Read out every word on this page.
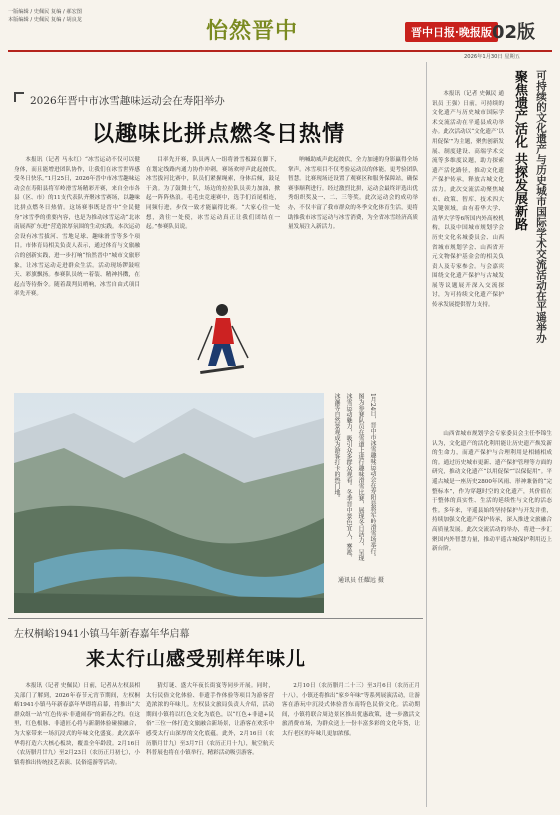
一版编辑 / 史佩民 复编 / 郝宏图
本版编辑 / 史佩民 复编 / 胡良龙	怡然晋中	晋中日报·晚报版 02版
2026年1月30日 星期五
2026年晋中市冰雪趣味运动会在寿阳举办
以趣味比拼点燃冬日热情

本报讯（记者 马永红）“冰雪运动不仅可以健身体，而且能增进团队协作，让我们在冰雪世界感受冬日快乐。”1月25日，2026年晋中市冰雪趣味运动会在寿阳县将军岭滑雪场精彩开赛，来自全市各县（区、市）的11支代表队齐聚冰雪赛场，以趣味比拼点燃冬日热情。这场赛事既是晋中“全民健身”冰雪季的重要内容，也是为推动冰雪运动“北冰南展西扩东进”营造浓厚氛围的生动实践。本次运动会设有冰雪拔河、雪地足球、趣味滑雪等多个项目。市体育局相关负责人表示，通过体育与文旅融合的创新实践，进一步打响“怡然晋中”城市文旅形象，让冰雪运动走进群众生活。活动现场锣鼓喧天、彩旗飘扬。参赛队员统一着装、精神抖擞，在起点等待指令。随着裁判员哨响，冰雪自由式项目率先开赛。

目率先开赛，队员两人一组将滑雪板踩在脚下，在划定线路内通力协作冲刺，赛场欢呼声此起彼伏。冰雪拔河比赛中，队员们紧握绳索，身体后倾，鼓足干劲。为了鼓舞士气，场边的拉拉队员卖力加油，掀起一阵阵热浪。毛毛虫竞速赛中，选手们首尾相连，同频行进，步伐一致才能赢得比赛。“大家心往一处想，劲往一处使，冰雪运动真正让我们团结在一起。”参赛队员说。

呐喊助威声此起彼伏，全力加速的身影赢得全场掌声。冰雪项目不仅考验运动员的体能，更考验团队智慧。比赛现场还设置了观赛区和服务保障站，确保赛事顺利进行。经过激烈比拼，运动会最终评选出优秀组织奖及一、二、三等奖。此次运动会的成功举办，不仅丰富了我市群众的冬季文化体育生活，更将助推我市冰雪运动与冰雪消费，为全省冰雪经济高质量发展注入新活力。

1月24日，晋中市冰雪趣味运动会在寿阳县将军岭滑雪场举行。图为参赛队员在雪道上进行趣味滑雪比赛，展现冬日活力，呈现冰雪运动魅力，吸引众多群众观看。冬季晋中景色宜人，雾凇、冰瀑等自然景观成为游客打卡的热门地。
通讯员 任耀远 摄
左权桐峪1941小镇马年新春嘉年华启幕
来太行山感受别样年味儿

本报讯（记者 史佩民）日前，记者从左权县相关部门了解到，2026年春节元宵节期间，左权桐峪1941小镇马年新春嘉年华即将启幕，将推出“大群众组一站”红色传承·非遗闹春”的新春之约。在这里，红色根脉、非遗匠心将与新潮体验碰撞融合，为大家带来一场沉浸式的年味文化盛宴。此次嘉年华将打造六大核心板块，覆盖全年龄段。2月16日（农历腊月廿九）至2月23日（农历正月初七），小镇将推出传统技艺表演、民俗巡游等活动。

猜灯谜、盛大年夜长街宴等同步开展。同时，太行民俗文化体验、非遗手作体验等项目为游客营造浓浓的年味儿。左权县文旅局负责人介绍，活动期间小镇将以红色文化为底色，以“红色+非遗+民俗”三位一体打造文旅融合新场景，让游客在欢乐中感受太行山深厚的文化底蕴。此外，2月16日（农历腊月廿九）至3月7日（农历正月十九），航空航天科普展也将在小镇举行，精彩活动吸引游客。

2月10日（农历腊月二十三）至3月6日（农历正月十八），小镇还将推出“家乡年味”等系列展演活动，让游客在游玩中沉浸式体验晋东南特色民俗文化。活动期间，小镇将联合周边景区推出优惠政策，进一步激活文旅消费市场，为群众送上一份丰富多彩的文化年货，让太行老区的年味儿更加浓郁。

可持续的文化遗产与历史城市国际学术交流活动在平遥举办
聚焦遗产活化 共探发展新路

本报讯（记者 史佩民 通讯员 王强）日前，可持续的文化遗产与历史城市国际学术交流活动在平遥县成功举办。此次活动以“文化遗产‘以用促保’”为主题，聚焦创新发展、制度建设、高端学术交流等多维度议题，助力探索遗产活化路径，推动文化遗产保护传承，释放古城文化活力。此次交流活动聚焦城市、政策、智库、技术四大关键领域，由有着华大学、清华大学等6所国内外高校机构，以及中国城市规划学会历史文化名城委员会、山西省城市规划学会、山西省开元文物保护基金会的相关负责人及专家参会。与会嘉宾围绕文化遗产保护与古城发展等议题展开深入交流探讨，为可持续文化遗产保护传承发展提供智力支持。

山西省城市规划学会专家委员会主任李锦生认为，文化遗产的活化利用能让历史遗产焕发新的生命力，而遗产保护与合理利用是相辅相成的。通过历史城市更新、遗产保护管理等方面的研究，推动文化遗产“以用促保”“以保促用”。平遥古城是一座历史2800年风雨、形神兼备的“完整标本”，作为穿越时空的文化遗产，其价值在于整体的真实性、生活的延续性与文化的活态性。多年来，平遥县始终坚持保护与开发并重，持续加强文化遗产保护传承，深入推进文旅融合高质量发展。此次交流活动的举办，将进一步汇聚国内外智慧力量，推动平遥古城保护利用迈上新台阶。
